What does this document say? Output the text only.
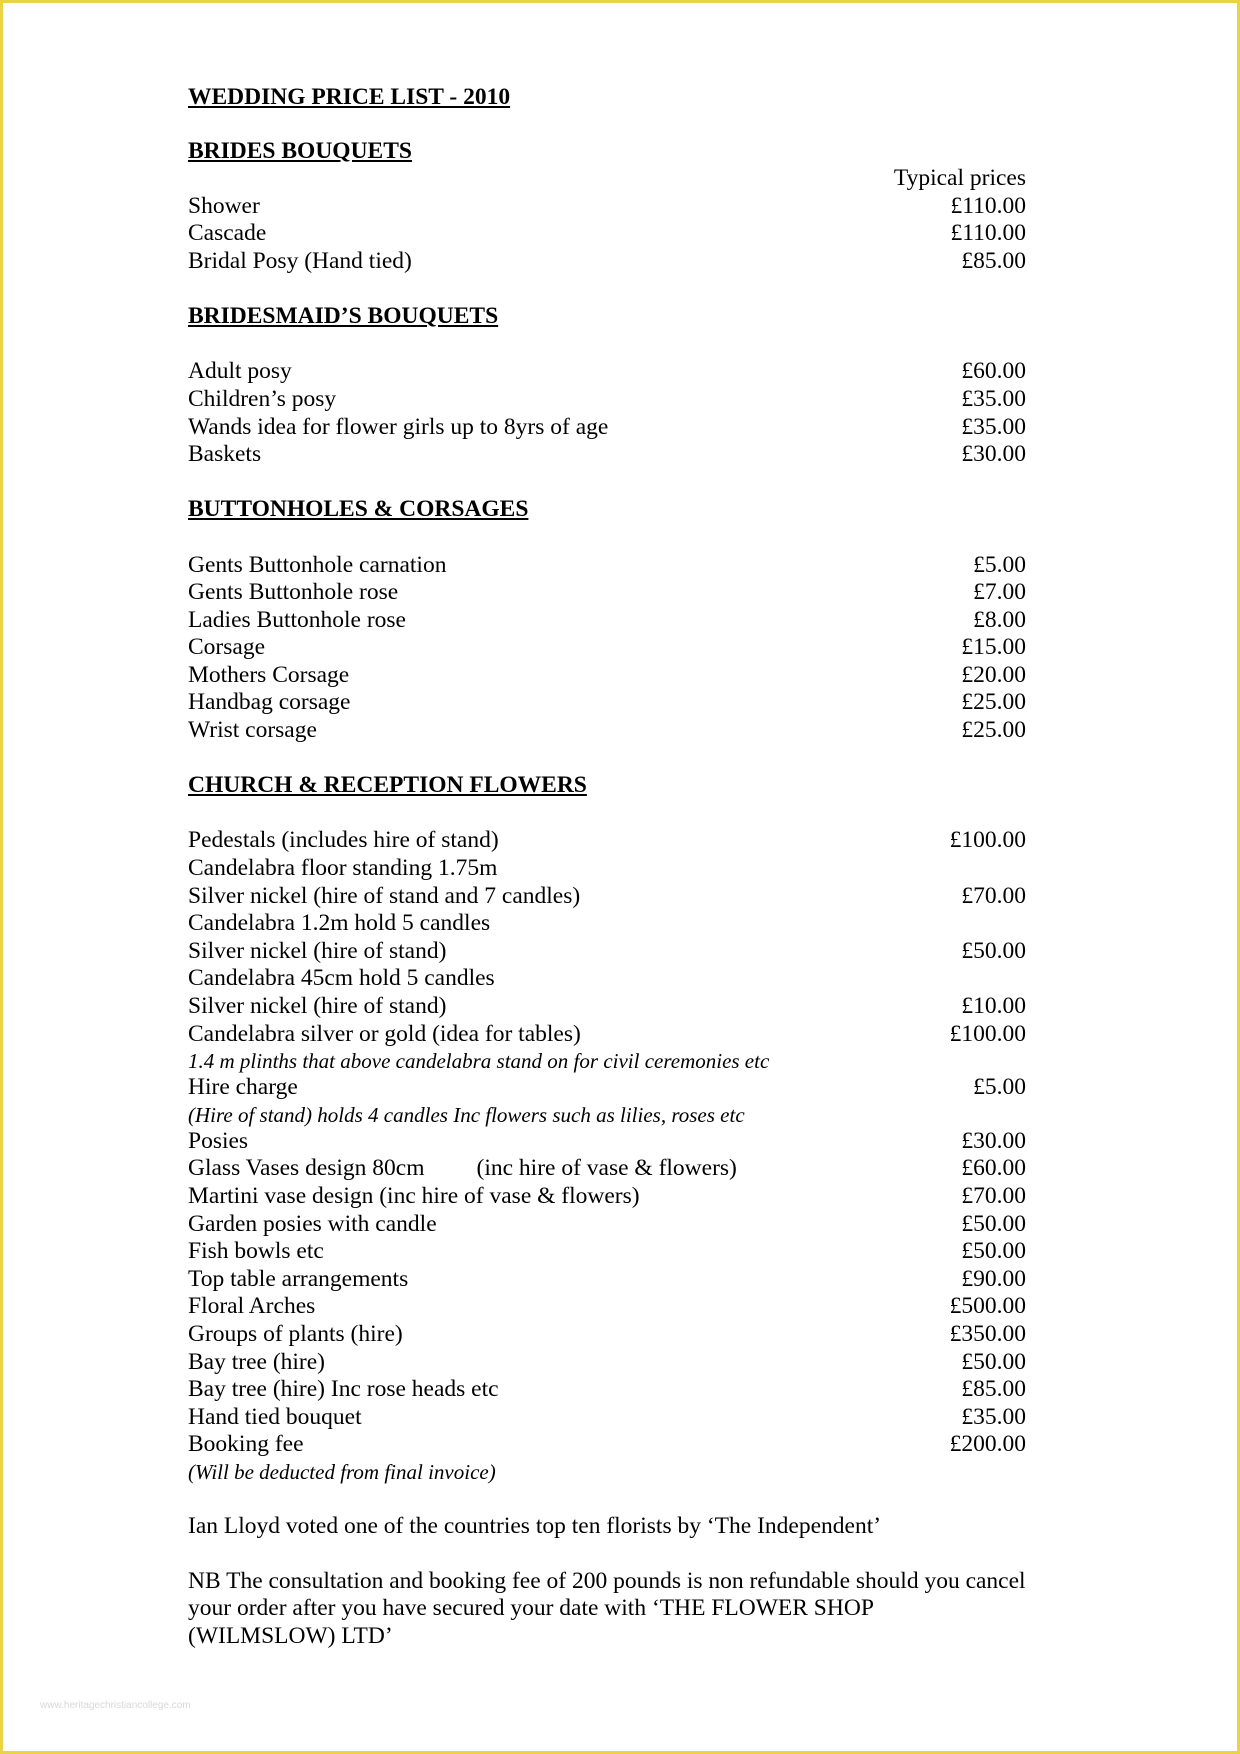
WEDDING PRICE LIST - 2010

BRIDES BOUQUETS

Typical prices
Shower	£110.00
Cascade	£110.00
Bridal Posy (Hand tied)	£85.00

BRIDESMAID’S BOUQUETS

Adult posy	£60.00
Children’s posy	£35.00
Wands idea for flower girls up to 8yrs of age	£35.00
Baskets	£30.00

BUTTONHOLES & CORSAGES

Gents Buttonhole carnation	£5.00
Gents Buttonhole rose	£7.00
Ladies Buttonhole rose	£8.00
Corsage	£15.00
Mothers Corsage	£20.00
Handbag corsage	£25.00
Wrist corsage	£25.00

CHURCH & RECEPTION FLOWERS

Pedestals (includes hire of stand)	£100.00
Candelabra floor standing 1.75m
Silver nickel (hire of stand and 7 candles)	£70.00
Candelabra 1.2m hold 5 candles
Silver nickel (hire of stand)	£50.00
Candelabra 45cm hold 5 candles
Silver nickel (hire of stand)	£10.00
Candelabra silver or gold (idea for tables)	£100.00
1.4 m plinths that above candelabra stand on for civil ceremonies etc
Hire charge	£5.00
(Hire of stand) holds 4 candles Inc flowers such as lilies, roses etc
Posies	£30.00
Glass Vases design 80cm (inc hire of vase & flowers)	£60.00
Martini vase design (inc hire of vase & flowers)	£70.00
Garden posies with candle	£50.00
Fish bowls etc	£50.00
Top table arrangements	£90.00
Floral Arches	£500.00
Groups of plants (hire)	£350.00
Bay tree (hire)	£50.00
Bay tree (hire) Inc rose heads etc	£85.00
Hand tied bouquet	£35.00
Booking fee	£200.00
(Will be deducted from final invoice)
Ian Lloyd voted one of the countries top ten florists by ‘The Independent’
NB The consultation and booking fee of 200 pounds is non refundable should you cancel your order after you have secured your date with ‘THE FLOWER SHOP (WILMSLOW) LTD’
www.heritagechristiancollege.com
